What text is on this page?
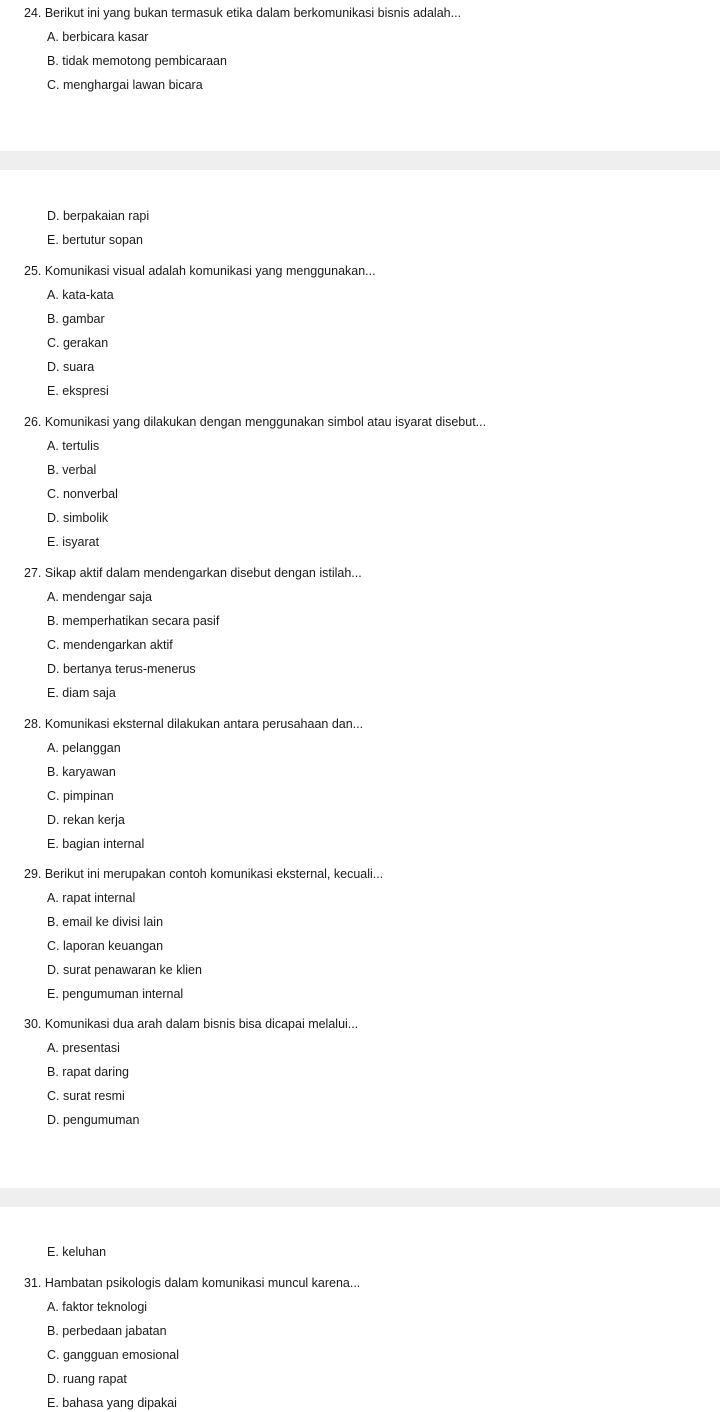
24. Berikut ini yang bukan termasuk etika dalam berkomunikasi bisnis adalah...
A. berbicara kasar
B. tidak memotong pembicaraan
C. menghargai lawan bicara
D. berpakaian rapi
E. bertutur sopan
25. Komunikasi visual adalah komunikasi yang menggunakan...
A. kata-kata
B. gambar
C. gerakan
D. suara
E. ekspresi
26. Komunikasi yang dilakukan dengan menggunakan simbol atau isyarat disebut...
A. tertulis
B. verbal
C. nonverbal
D. simbolik
E. isyarat
27. Sikap aktif dalam mendengarkan disebut dengan istilah...
A. mendengar saja
B. memperhatikan secara pasif
C. mendengarkan aktif
D. bertanya terus-menerus
E. diam saja
28. Komunikasi eksternal dilakukan antara perusahaan dan...
A. pelanggan
B. karyawan
C. pimpinan
D. rekan kerja
E. bagian internal
29. Berikut ini merupakan contoh komunikasi eksternal, kecuali...
A. rapat internal
B. email ke divisi lain
C. laporan keuangan
D. surat penawaran ke klien
E. pengumuman internal
30. Komunikasi dua arah dalam bisnis bisa dicapai melalui...
A. presentasi
B. rapat daring
C. surat resmi
D. pengumuman
E. keluhan
31. Hambatan psikologis dalam komunikasi muncul karena...
A. faktor teknologi
B. perbedaan jabatan
C. gangguan emosional
D. ruang rapat
E. bahasa yang dipakai
